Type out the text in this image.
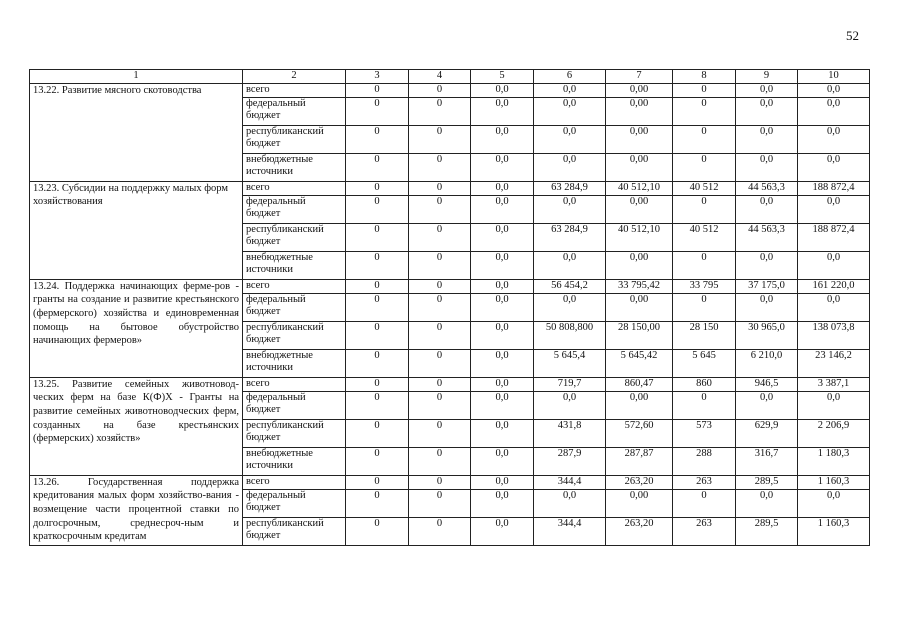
52
1	2	3	4	5	6	7	8	9	10
13.22. Развитие мясного скотоводства	всего	0	0	0,0	0,0	0,00	0	0,0	0,0
	федеральный бюджет	0	0	0,0	0,0	0,00	0	0,0	0,0
	республиканский бюджет	0	0	0,0	0,0	0,00	0	0,0	0,0
	внебюджетные источники	0	0	0,0	0,0	0,00	0	0,0	0,0
13.23. Субсидии на поддержку малых форм хозяйствования	всего	0	0	0,0	63 284,9	40 512,10	40 512	44 563,3	188 872,4
	федеральный бюджет	0	0	0,0	0,0	0,00	0	0,0	0,0
	республиканский бюджет	0	0	0,0	63 284,9	40 512,10	40 512	44 563,3	188 872,4
	внебюджетные источники	0	0	0,0	0,0	0,00	0	0,0	0,0
13.24. Поддержка начинающих ферме-ров - гранты на создание и развитие крестьянского (фермерского) хозяйства и единовременная помощь на бытовое обустройство начинающих фермеров»	всего	0	0	0,0	56 454,2	33 795,42	33 795	37 175,0	161 220,0
	федеральный бюджет	0	0	0,0	0,0	0,00	0	0,0	0,0
	республиканский бюджет	0	0	0,0	50 808,800	28 150,00	28 150	30 965,0	138 073,8
	внебюджетные источники	0	0	0,0	5 645,4	5 645,42	5 645	6 210,0	23 146,2
13.25. Развитие семейных животновод-ческих ферм на базе К(Ф)Х - Гранты на развитие семейных животноводческих ферм, созданных на базе крестьянских (фермерских) хозяйств»	всего	0	0	0,0	719,7	860,47	860	946,5	3 387,1
	федеральный бюджет	0	0	0,0	0,0	0,00	0	0,0	0,0
	республиканский бюджет	0	0	0,0	431,8	572,60	573	629,9	2 206,9
	внебюджетные источники	0	0	0,0	287,9	287,87	288	316,7	1 180,3
13.26. Государственная поддержка кредитования малых форм хозяйство-вания - возмещение части процентной ставки по долгосрочным, среднесроч-ным и краткосрочным кредитам	всего	0	0	0,0	344,4	263,20	263	289,5	1 160,3
	федеральный бюджет	0	0	0,0	0,0	0,00	0	0,0	0,0
	республиканский бюджет	0	0	0,0	344,4	263,20	263	289,5	1 160,3
